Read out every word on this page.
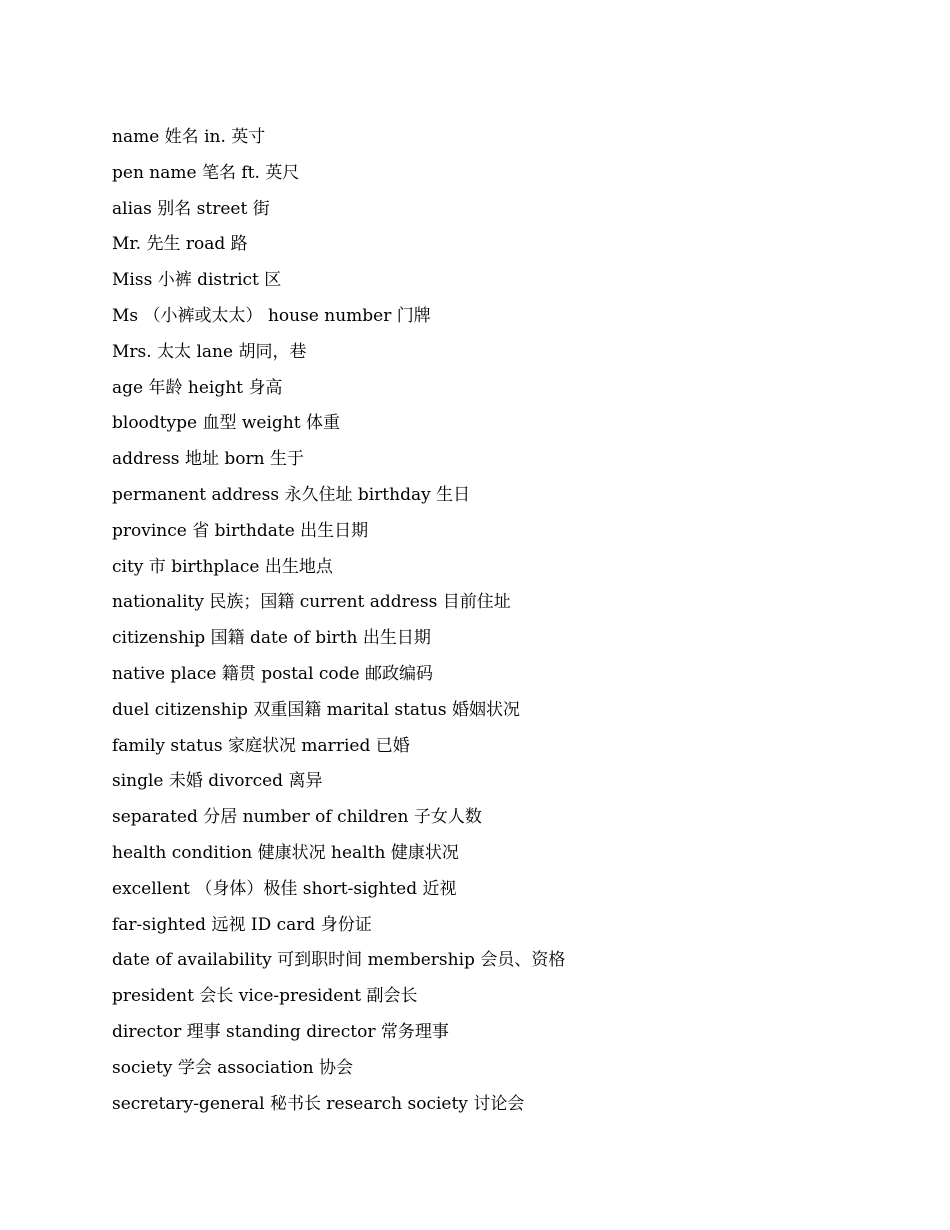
name 姓名 in. 英寸
pen name 笔名 ft. 英尺
alias 别名 street 街
Mr. 先生 road 路
Miss 小裤 district 区
Ms （小裤或太太） house number 门牌
Mrs. 太太 lane 胡同，巷
age 年龄 height 身高
bloodtype 血型 weight 体重
address 地址 born 生于
permanent address 永久住址 birthday 生日
province 省 birthdate 出生日期
city 市 birthplace 出生地点
nationality 民族；国籍 current address 目前住址
citizenship 国籍 date of birth 出生日期
native place 籍贯 postal code 邮政编码
duel citizenship 双重国籍 marital status 婚姻状况
family status 家庭状况 married 已婚
single 未婚 divorced 离异
separated 分居 number of children 子女人数
health condition 健康状况 health 健康状况
excellent （身体）极佳 short-sighted 近视
far-sighted 远视 ID card 身份证
date of availability 可到职时间 membership 会员、资格
president 会长 vice-president 副会长
director 理事 standing director 常务理事
society 学会 association 协会
secretary-general 秘书长 research society 讨论会
